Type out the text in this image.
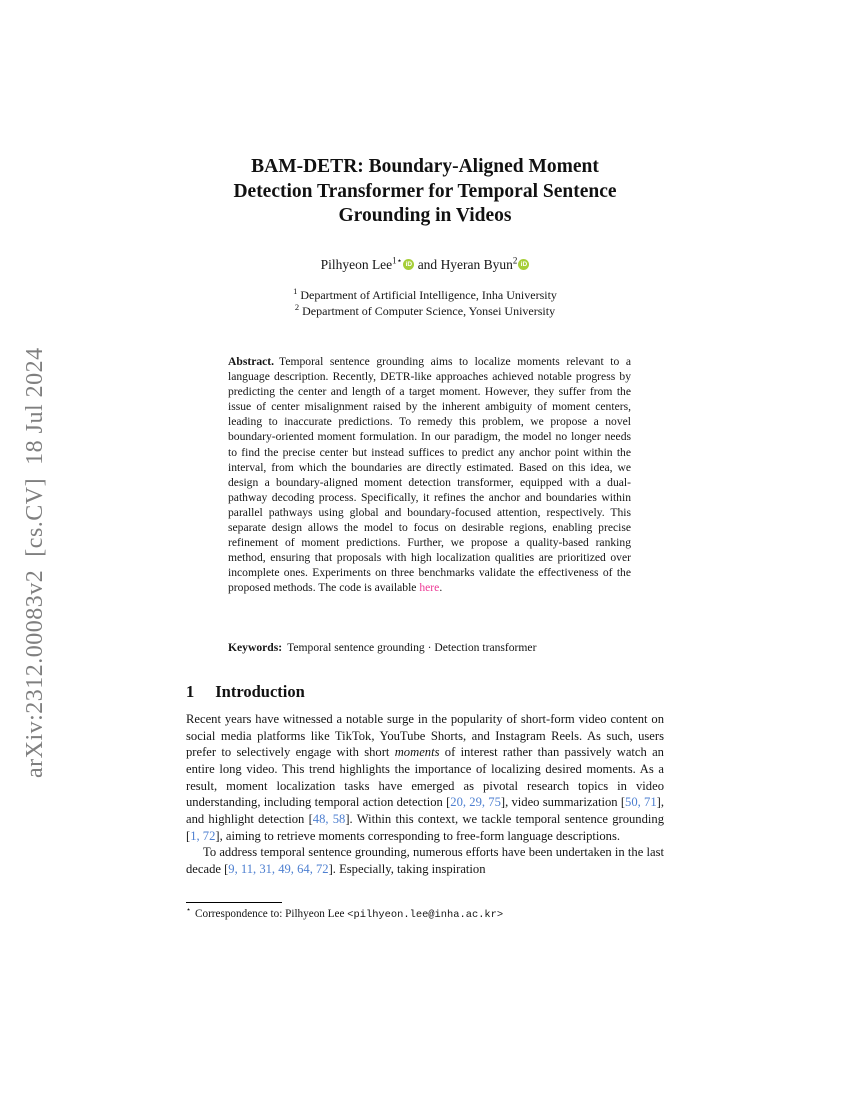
arXiv:2312.00083v2  [cs.CV]  18 Jul 2024
BAM-DETR: Boundary-Aligned Moment
Detection Transformer for Temporal Sentence
Grounding in Videos
Pilhyeon Lee$^{1⋆}$ iD and Hyeran Byun$^2$ iD
$^1$ Department of Artificial Intelligence, Inha University
$^2$ Department of Computer Science, Yonsei University
Abstract. Temporal sentence grounding aims to localize moments relevant to a language description. Recently, DETR-like approaches achieved notable progress by predicting the center and length of a target moment. However, they suffer from the issue of center misalignment raised by the inherent ambiguity of moment centers, leading to inaccurate predictions. To remedy this problem, we propose a novel boundary-oriented moment formulation. In our paradigm, the model no longer needs to find the precise center but instead suffices to predict any anchor point within the interval, from which the boundaries are directly estimated. Based on this idea, we design a boundary-aligned moment detection transformer, equipped with a dual-pathway decoding process. Specifically, it refines the anchor and boundaries within parallel pathways using global and boundary-focused attention, respectively. This separate design allows the model to focus on desirable regions, enabling precise refinement of moment predictions. Further, we propose a quality-based ranking method, ensuring that proposals with high localization qualities are prioritized over incomplete ones. Experiments on three benchmarks validate the effectiveness of the proposed methods. The code is available here.
Keywords: Temporal sentence grounding · Detection transformer
1 Introduction

Recent years have witnessed a notable surge in the popularity of short-form video content on social media platforms like TikTok, YouTube Shorts, and Instagram Reels. As such, users prefer to selectively engage with short moments of interest rather than passively watch an entire long video. This trend highlights the importance of localizing desired moments. As a result, moment localization tasks have emerged as pivotal research topics in video understanding, including temporal action detection [20, 29, 75], video summarization [50, 71], and highlight detection [48, 58]. Within this context, we tackle temporal sentence grounding [1, 72], aiming to retrieve moments corresponding to free-form language descriptions.

To address temporal sentence grounding, numerous efforts have been undertaken in the last decade [9, 11, 31, 49, 64, 72]. Especially, taking inspiration

⋆ Correspondence to: Pilhyeon Lee <pilhyeon.lee@inha.ac.kr>
